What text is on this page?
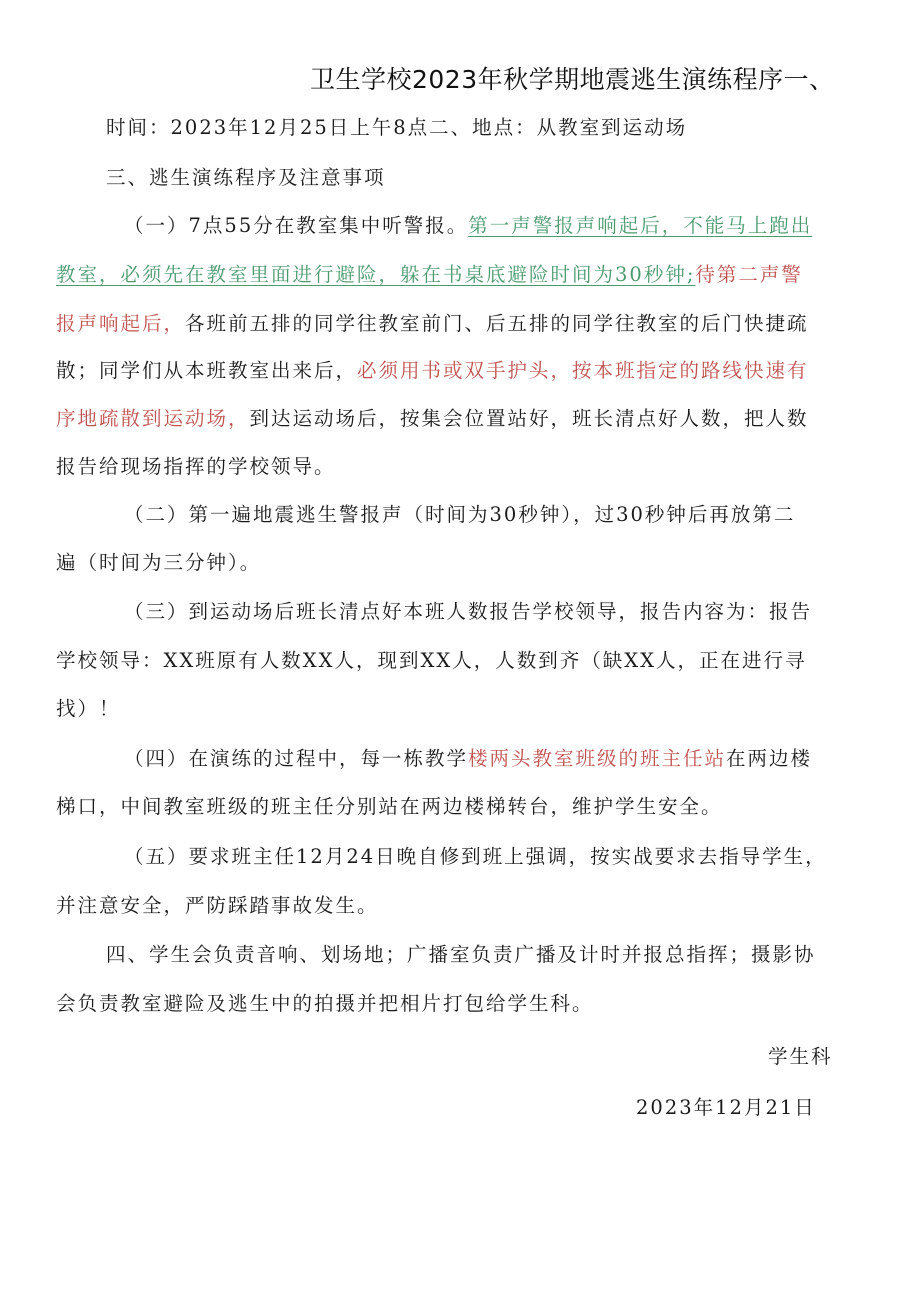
卫生学校2023年秋学期地震逃生演练程序一、
时间：2023年12月25日上午8点二、地点：从教室到运动场
三、逃生演练程序及注意事项
（一）7点55分在教室集中听警报。第一声警报声响起后，不能马上跑出
教室，必须先在教室里面进行避险，躲在书桌底避险时间为30秒钟;待第二声警
报声响起后，各班前五排的同学往教室前门、后五排的同学往教室的后门快捷疏
散；同学们从本班教室出来后，必须用书或双手护头，按本班指定的路线快速有
序地疏散到运动场，到达运动场后，按集会位置站好，班长清点好人数，把人数
报告给现场指挥的学校领导。
（二）第一遍地震逃生警报声（时间为30秒钟），过30秒钟后再放第二
遍（时间为三分钟）。
（三）到运动场后班长清点好本班人数报告学校领导，报告内容为：报告
学校领导：XX班原有人数XX人，现到XX人，人数到齐（缺XX人，正在进行寻
找）！
（四）在演练的过程中，每一栋教学楼两头教室班级的班主任站在两边楼
梯口，中间教室班级的班主任分别站在两边楼梯转台，维护学生安全。
（五）要求班主任12月24日晚自修到班上强调，按实战要求去指导学生，
并注意安全，严防踩踏事故发生。
四、学生会负责音响、划场地；广播室负责广播及计时并报总指挥；摄影协
会负责教室避险及逃生中的拍摄并把相片打包给学生科。
学生科
2023年12月21日
